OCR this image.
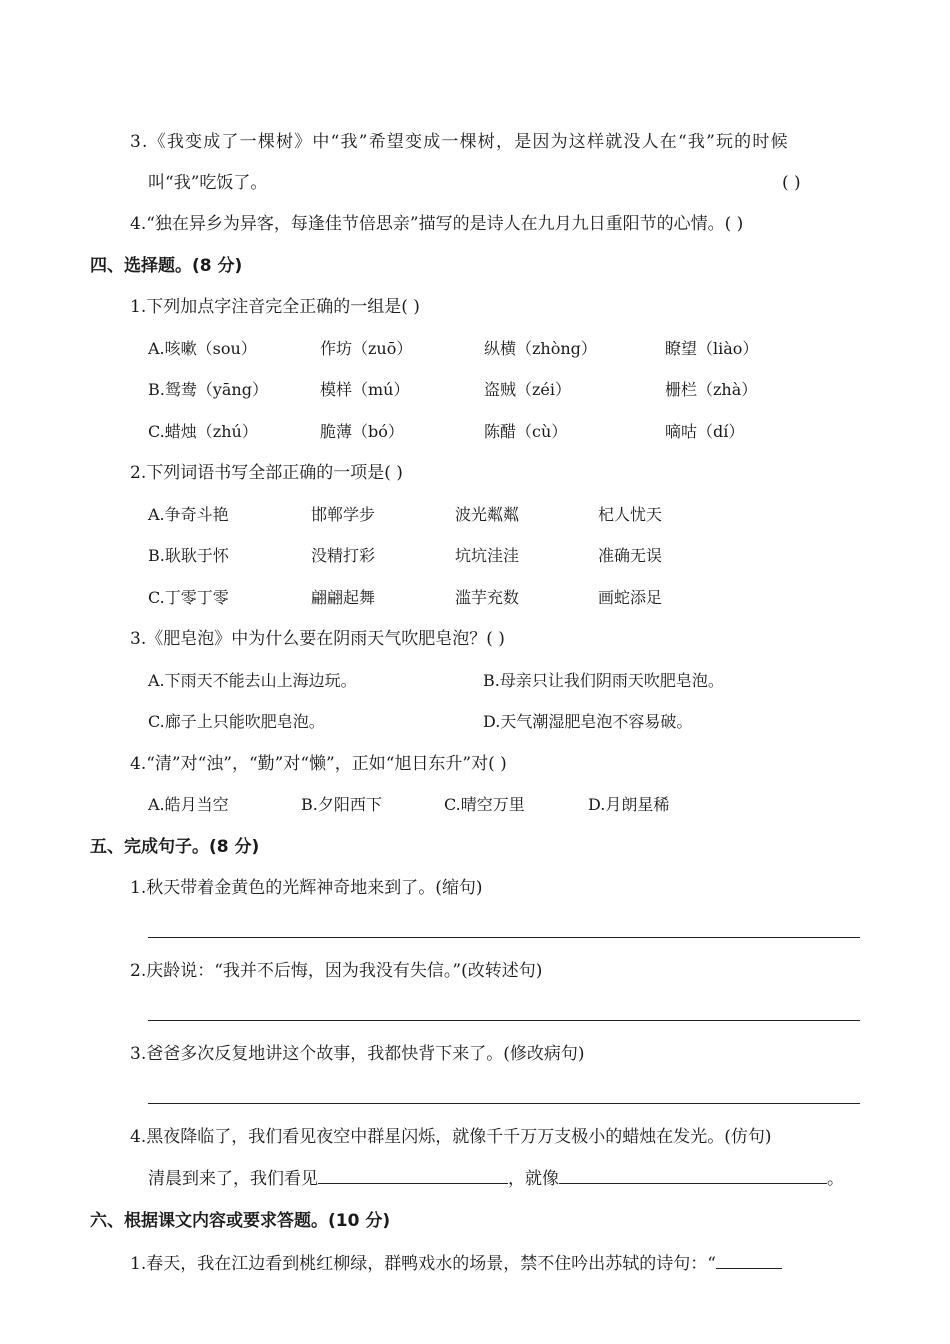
3.《我变成了一棵树》中“我”希望变成一棵树，是因为这样就没人在“我”玩的时候
叫“我”吃饭了。	( )
4.“独在异乡为异客，每逢佳节倍思亲”描写的是诗人在九月九日重阳节的心情。( )
四、选择题。(8 分)
1.下列加点字注音完全正确的一组是( )
A.咳嗽（sou）	作坊（zuō）	纵横（zhòng）	瞭望（liào）
B.鸳鸯（yāng）	模样（mú）	盗贼（zéi）	栅栏（zhà）
C.蜡烛（zhú）	脆薄（bó）	陈醋（cù）	嘀咕（dí）
2.下列词语书写全部正确的一项是( )
A.争奇斗艳	邯郸学步	波光粼粼	杞人忧天
B.耿耿于怀	没精打彩	坑坑洼洼	准确无误
C.丁零丁零	翩翩起舞	滥芋充数	画蛇添足
3.《肥皂泡》中为什么要在阴雨天气吹肥皂泡？( )
A.下雨天不能去山上海边玩。	B.母亲只让我们阴雨天吹肥皂泡。
C.廊子上只能吹肥皂泡。	D.天气潮湿肥皂泡不容易破。
4.“清”对“浊”，“勤”对“懒”，正如“旭日东升”对( )
A.皓月当空	B.夕阳西下	C.晴空万里	D.月朗星稀
五、完成句子。(8 分)
1.秋天带着金黄色的光辉神奇地来到了。(缩句)
2.庆龄说：“我并不后悔，因为我没有失信。”(改转述句)
3.爸爸多次反复地讲这个故事，我都快背下来了。(修改病句)
4.黑夜降临了，我们看见夜空中群星闪烁，就像千千万万支极小的蜡烛在发光。(仿句)
清晨到来了，我们看见	，就像	。
六、根据课文内容或要求答题。(10 分)
1.春天，我在江边看到桃红柳绿，群鸭戏水的场景，禁不住吟出苏轼的诗句：“
